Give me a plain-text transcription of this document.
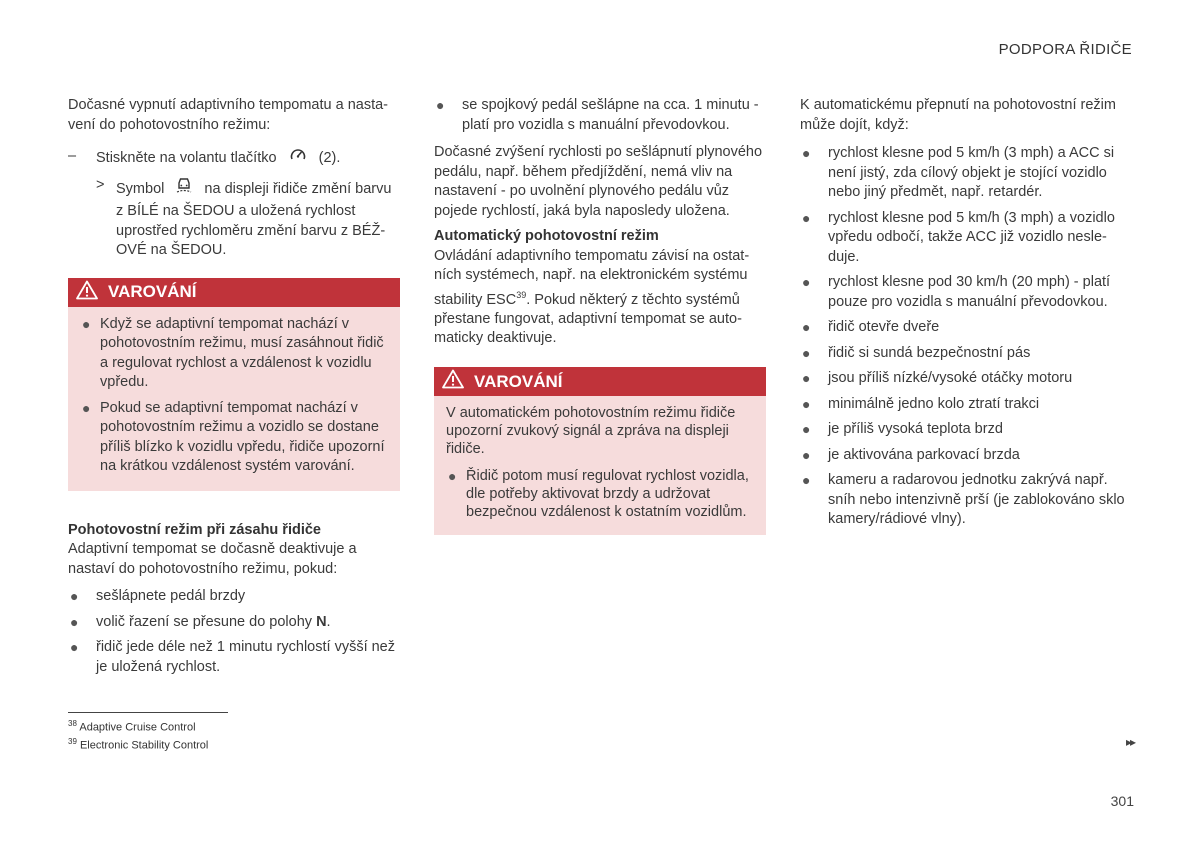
PODPORA ŘIDIČE

Dočasné vypnutí adaptivního tempomatu a nastavení do pohotovostního režimu:

– Stiskněte na volantu tlačítko	(2).
> Symbol	na displeji řidiče změní barvu z BÍLÉ na ŠEDOU a uložená rychlost uprostřed rychloměru změní barvu z BÉŽOVÉ na ŠEDOU.
VAROVÁNÍ
● Když se adaptivní tempomat nachází v pohotovostním režimu, musí zasáhnout řidič a regulovat rychlost a vzdálenost k vozidlu vpředu.
● Pokud se adaptivní tempomat nachází v pohotovostním režimu a vozidlo se dostane příliš blízko k vozidlu vpředu, řidiče upozorní na krátkou vzdálenost systém varování.

Pohotovostní režim při zásahu řidiče

Adaptivní tempomat se dočasně deaktivuje a nastaví do pohotovostního režimu, pokud:

● sešlápnete pedál brzdy
● volič řazení se přesune do polohy N.
● řidič jede déle než 1 minutu rychlostí vyšší než je uložená rychlost.
$^{38}$ Adaptive Cruise Control
$^{39}$ Electronic Stability Control
● se spojkový pedál sešlápne na cca. 1 minutu - platí pro vozidla s manuální převodovkou.

Dočasné zvýšení rychlosti po sešlápnutí plynového pedálu, např. během předjíždění, nemá vliv na nastavení - po uvolnění plynového pedálu vůz pojede rychlostí, jaká byla naposledy uložena.

Automatický pohotovostní režim

Ovládání adaptivního tempomatu závisí na ostatních systémech, např. na elektronickém systému stability ESC$^{39}$. Pokud některý z těchto systémů přestane fungovat, adaptivní tempomat se automaticky deaktivuje.

VAROVÁNÍ

V automatickém pohotovostním režimu řidiče upozorní zvukový signál a zpráva na displeji řidiče.

● Řidič potom musí regulovat rychlost vozidla, dle potřeby aktivovat brzdy a udržovat bezpečnou vzdálenost k ostatním vozidlům.

K automatickému přepnutí na pohotovostní režim může dojít, když:

● rychlost klesne pod 5 km/h (3 mph) a ACC si není jistý, zda cílový objekt je stojící vozidlo nebo jiný předmět, např. retardér.
● rychlost klesne pod 5 km/h (3 mph) a vozidlo vpředu odbočí, takže ACC již vozidlo nesleduje.
● rychlost klesne pod 30 km/h (20 mph) - platí pouze pro vozidla s manuální převodovkou.
● řidič otevře dveře
● řidič si sundá bezpečnostní pás
● jsou příliš nízké/vysoké otáčky motoru
● minimálně jedno kolo ztratí trakci
● je příliš vysoká teplota brzd
● je aktivována parkovací brzda
● kameru a radarovou jednotku zakrývá např. sníh nebo intenzivně prší (je zablokováno sklo kamery/rádiové vlny).
▸▸
301
